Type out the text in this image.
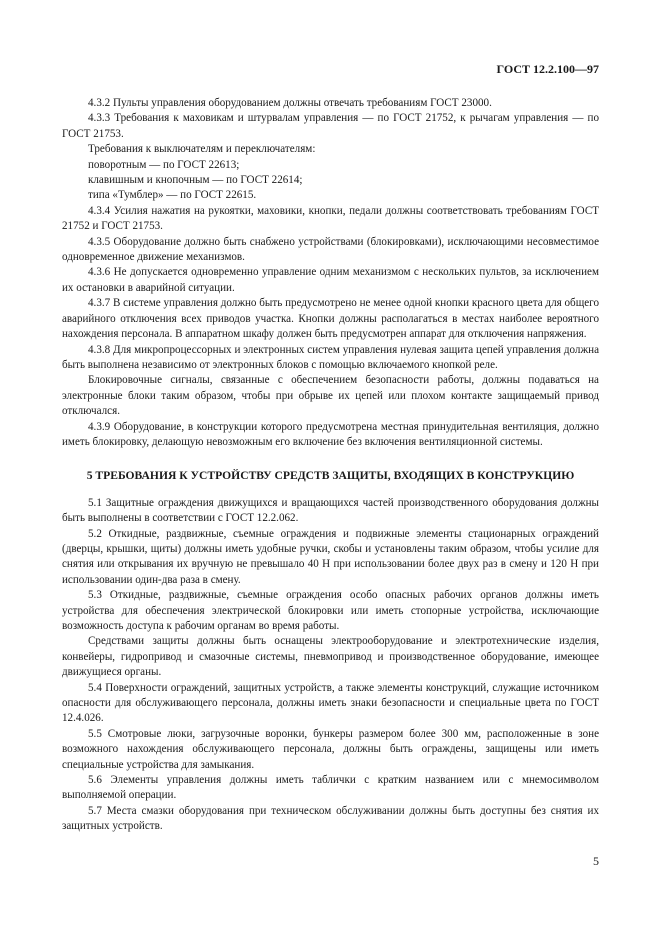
ГОСТ 12.2.100—97

4.3.2 Пульты управления оборудованием должны отвечать требованиям ГОСТ 23000.

4.3.3 Требования к маховикам и штурвалам управления — по ГОСТ 21752, к рычагам управления — по ГОСТ 21753.

Требования к выключателям и переключателям:

поворотным — по ГОСТ 22613;

клавишным и кнопочным — по ГОСТ 22614;

типа «Тумблер» — по ГОСТ 22615.

4.3.4 Усилия нажатия на рукоятки, маховики, кнопки, педали должны соответствовать требованиям ГОСТ 21752 и ГОСТ 21753.

4.3.5 Оборудование должно быть снабжено устройствами (блокировками), исключающими несовместимое одновременное движение механизмов.

4.3.6 Не допускается одновременно управление одним механизмом с нескольких пультов, за исключением их остановки в аварийной ситуации.

4.3.7 В системе управления должно быть предусмотрено не менее одной кнопки красного цвета для общего аварийного отключения всех приводов участка. Кнопки должны располагаться в местах наиболее вероятного нахождения персонала. В аппаратном шкафу должен быть предусмотрен аппарат для отключения напряжения.

4.3.8 Для микропроцессорных и электронных систем управления нулевая защита цепей управления должна быть выполнена независимо от электронных блоков с помощью включаемого кнопкой реле.

Блокировочные сигналы, связанные с обеспечением безопасности работы, должны подаваться на электронные блоки таким образом, чтобы при обрыве их цепей или плохом контакте защищаемый привод отключался.

4.3.9 Оборудование, в конструкции которого предусмотрена местная принудительная вентиляция, должно иметь блокировку, делающую невозможным его включение без включения вентиляционной системы.

5 ТРЕБОВАНИЯ К УСТРОЙСТВУ СРЕДСТВ ЗАЩИТЫ, ВХОДЯЩИХ В КОНСТРУКЦИЮ

5.1 Защитные ограждения движущихся и вращающихся частей производственного оборудования должны быть выполнены в соответствии с ГОСТ 12.2.062.

5.2 Откидные, раздвижные, съемные ограждения и подвижные элементы стационарных ограждений (дверцы, крышки, щиты) должны иметь удобные ручки, скобы и установлены таким образом, чтобы усилие для снятия или открывания их вручную не превышало 40 Н при использовании более двух раз в смену и 120 Н при использовании один-два раза в смену.

5.3 Откидные, раздвижные, съемные ограждения особо опасных рабочих органов должны иметь устройства для обеспечения электрической блокировки или иметь стопорные устройства, исключающие возможность доступа к рабочим органам во время работы.

Средствами защиты должны быть оснащены электрооборудование и электротехнические изделия, конвейеры, гидропривод и смазочные системы, пневмопривод и производственное оборудование, имеющее движущиеся органы.

5.4 Поверхности ограждений, защитных устройств, а также элементы конструкций, служащие источником опасности для обслуживающего персонала, должны иметь знаки безопасности и специальные цвета по ГОСТ 12.4.026.

5.5 Смотровые люки, загрузочные воронки, бункеры размером более 300 мм, расположенные в зоне возможного нахождения обслуживающего персонала, должны быть ограждены, защищены или иметь специальные устройства для замыкания.

5.6 Элементы управления должны иметь таблички с кратким названием или с мнемосимволом выполняемой операции.

5.7 Места смазки оборудования при техническом обслуживании должны быть доступны без снятия их защитных устройств.

5
